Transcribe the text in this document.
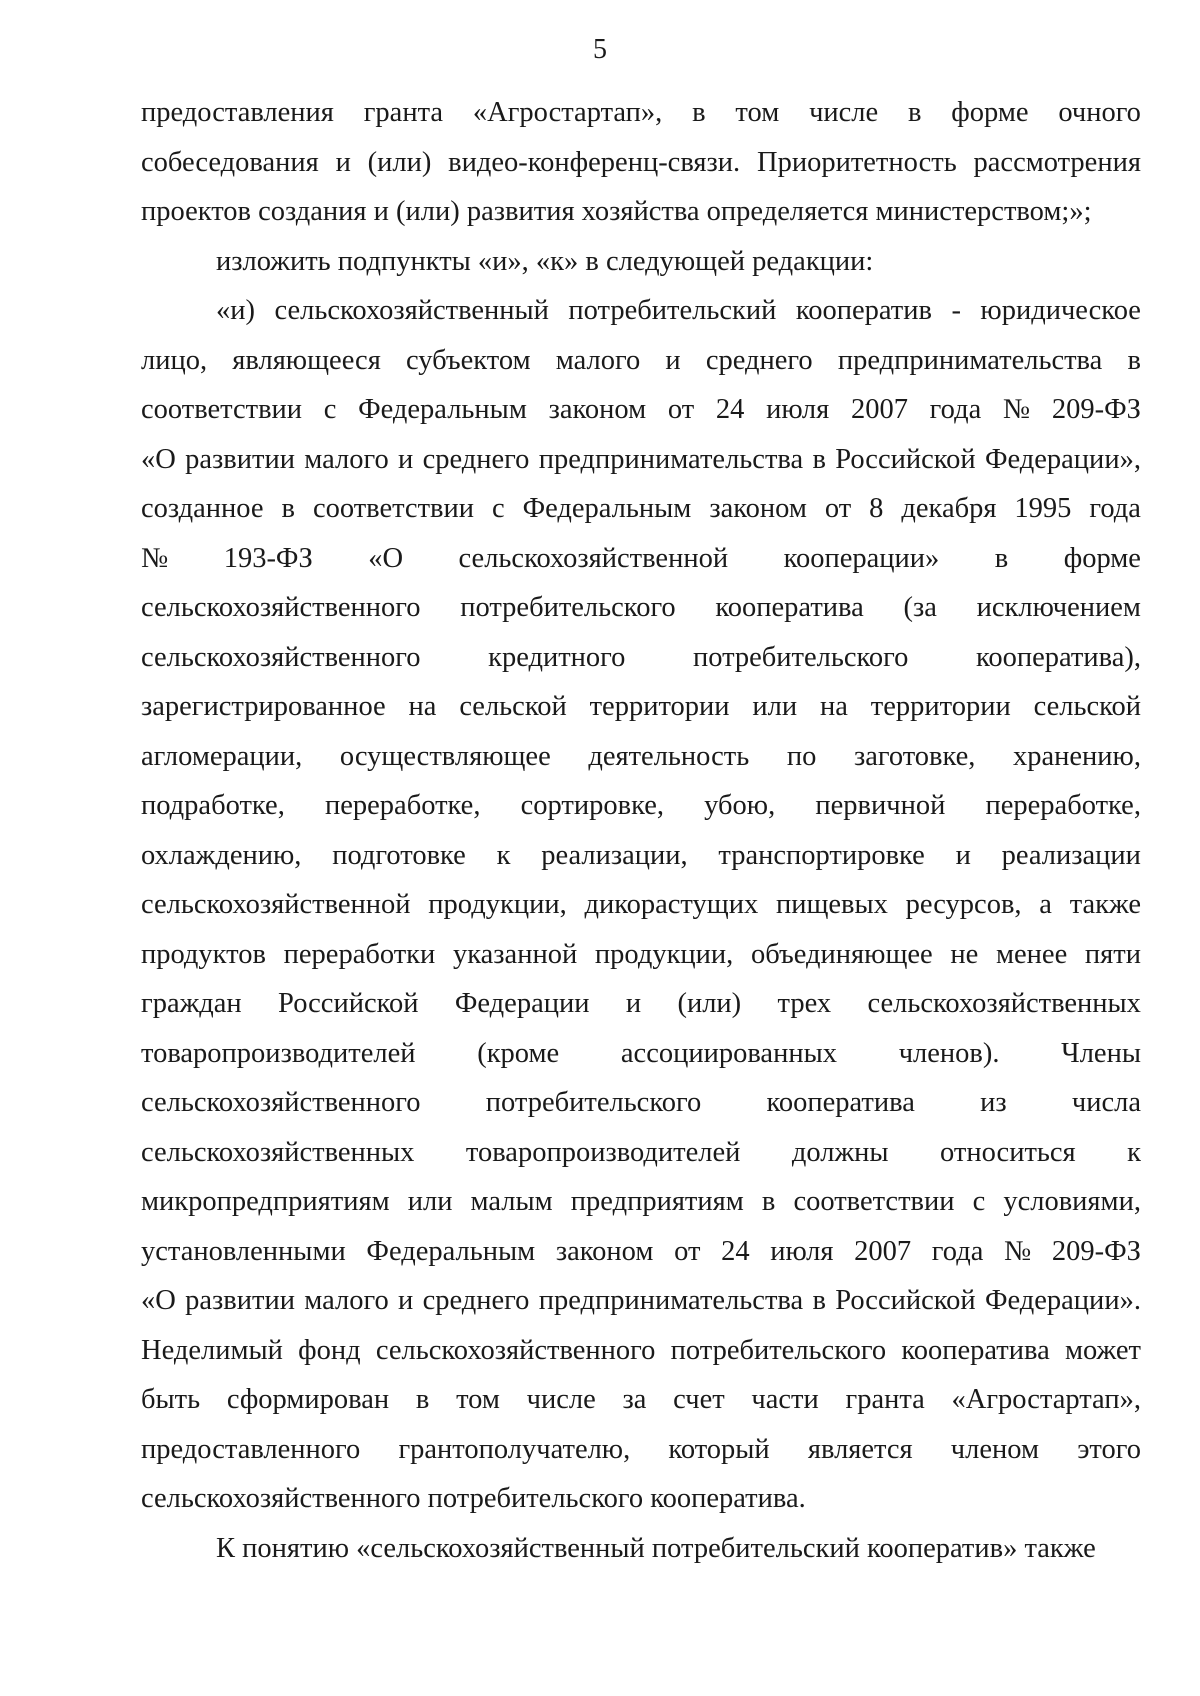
5
предоставления гранта «Агростартап», в том числе в форме очного
собеседования и (или) видео-конференц-связи. Приоритетность рассмотрения
проектов создания и (или) развития хозяйства определяется министерством;»;
изложить подпункты «и», «к» в следующей редакции:
«и) сельскохозяйственный потребительский кооператив - юридическое
лицо, являющееся субъектом малого и среднего предпринимательства в
соответствии с Федеральным законом от 24 июля 2007 года № 209-ФЗ
«О развитии малого и среднего предпринимательства в Российской Федерации»,
созданное в соответствии с Федеральным законом от 8 декабря 1995 года
№ 193-ФЗ «О сельскохозяйственной кооперации» в форме
сельскохозяйственного потребительского кооператива (за исключением
сельскохозяйственного кредитного потребительского кооператива),
зарегистрированное на сельской территории или на территории сельской
агломерации, осуществляющее деятельность по заготовке, хранению,
подработке, переработке, сортировке, убою, первичной переработке,
охлаждению, подготовке к реализации, транспортировке и реализации
сельскохозяйственной продукции, дикорастущих пищевых ресурсов, а также
продуктов переработки указанной продукции, объединяющее не менее пяти
граждан Российской Федерации и (или) трех сельскохозяйственных
товаропроизводителей (кроме ассоциированных членов). Члены
сельскохозяйственного потребительского кооператива из числа
сельскохозяйственных товаропроизводителей должны относиться к
микропредприятиям или малым предприятиям в соответствии с условиями,
установленными Федеральным законом от 24 июля 2007 года № 209-ФЗ
«О развитии малого и среднего предпринимательства в Российской Федерации».
Неделимый фонд сельскохозяйственного потребительского кооператива может
быть сформирован в том числе за счет части гранта «Агростартап»,
предоставленного грантополучателю, который является членом этого
сельскохозяйственного потребительского кооператива.
К понятию «сельскохозяйственный потребительский кооператив» также
